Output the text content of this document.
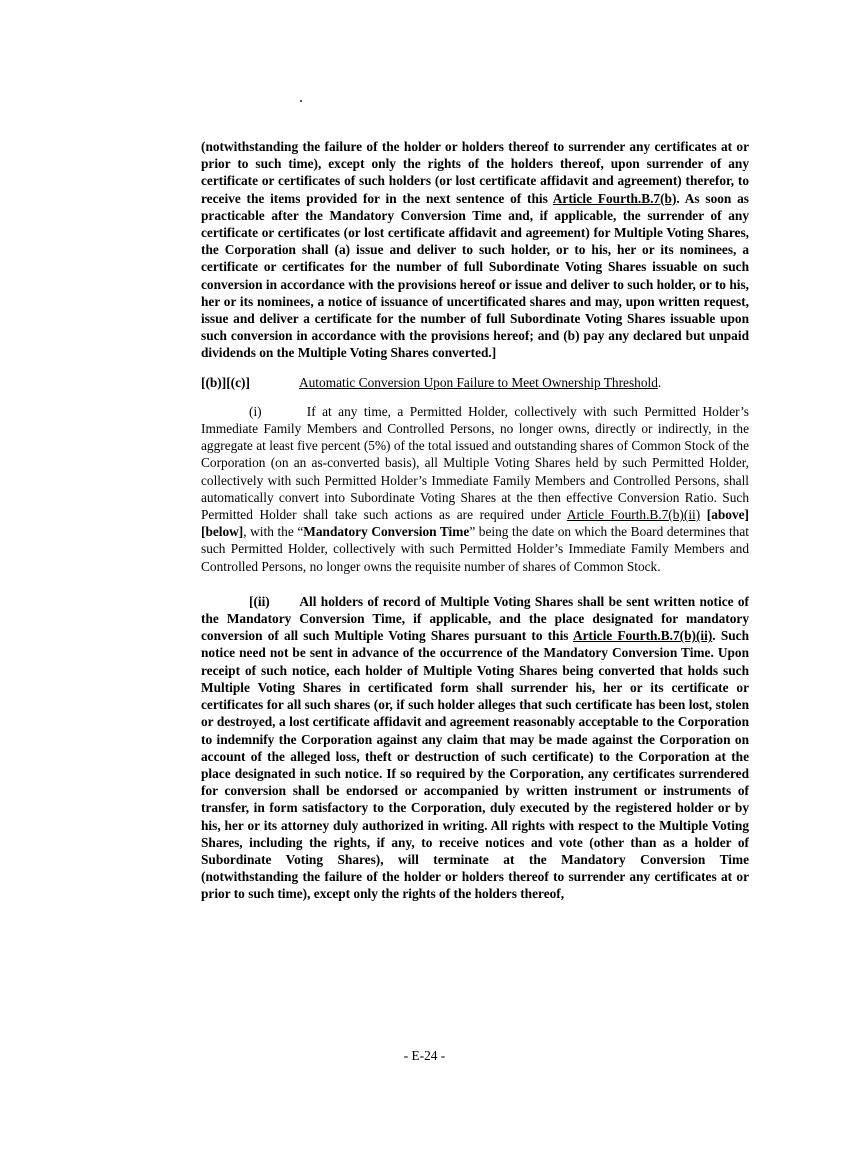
(notwithstanding the failure of the holder or holders thereof to surrender any certificates at or prior to such time), except only the rights of the holders thereof, upon surrender of any certificate or certificates of such holders (or lost certificate affidavit and agreement) therefor, to receive the items provided for in the next sentence of this Article Fourth.B.7(b). As soon as practicable after the Mandatory Conversion Time and, if applicable, the surrender of any certificate or certificates (or lost certificate affidavit and agreement) for Multiple Voting Shares, the Corporation shall (a) issue and deliver to such holder, or to his, her or its nominees, a certificate or certificates for the number of full Subordinate Voting Shares issuable on such conversion in accordance with the provisions hereof or issue and deliver to such holder, or to his, her or its nominees, a notice of issuance of uncertificated shares and may, upon written request, issue and deliver a certificate for the number of full Subordinate Voting Shares issuable upon such conversion in accordance with the provisions hereof; and (b) pay any declared but unpaid dividends on the Multiple Voting Shares converted.]

[(b)][(c)]	Automatic Conversion Upon Failure to Meet Ownership Threshold.

(i)       If at any time, a Permitted Holder, collectively with such Permitted Holder’s Immediate Family Members and Controlled Persons, no longer owns, directly or indirectly, in the aggregate at least five percent (5%) of the total issued and outstanding shares of Common Stock of the Corporation (on an as-converted basis), all Multiple Voting Shares held by such Permitted Holder, collectively with such Permitted Holder’s Immediate Family Members and Controlled Persons, shall automatically convert into Subordinate Voting Shares at the then effective Conversion Ratio. Such Permitted Holder shall take such actions as are required under Article Fourth.B.7(b)(ii) [above][below], with the “Mandatory Conversion Time” being the date on which the Board determines that such Permitted Holder, collectively with such Permitted Holder’s Immediate Family Members and Controlled Persons, no longer owns the requisite number of shares of Common Stock.

[(ii)       All holders of record of Multiple Voting Shares shall be sent written notice of the Mandatory Conversion Time, if applicable, and the place designated for mandatory conversion of all such Multiple Voting Shares pursuant to this Article Fourth.B.7(b)(ii). Such notice need not be sent in advance of the occurrence of the Mandatory Conversion Time. Upon receipt of such notice, each holder of Multiple Voting Shares being converted that holds such Multiple Voting Shares in certificated form shall surrender his, her or its certificate or certificates for all such shares (or, if such holder alleges that such certificate has been lost, stolen or destroyed, a lost certificate affidavit and agreement reasonably acceptable to the Corporation to indemnify the Corporation against any claim that may be made against the Corporation on account of the alleged loss, theft or destruction of such certificate) to the Corporation at the place designated in such notice. If so required by the Corporation, any certificates surrendered for conversion shall be endorsed or accompanied by written instrument or instruments of transfer, in form satisfactory to the Corporation, duly executed by the registered holder or by his, her or its attorney duly authorized in writing. All rights with respect to the Multiple Voting Shares, including the rights, if any, to receive notices and vote (other than as a holder of Subordinate Voting Shares), will terminate at the Mandatory Conversion Time (notwithstanding the failure of the holder or holders thereof to surrender any certificates at or prior to such time), except only the rights of the holders thereof,

- E-24 -
